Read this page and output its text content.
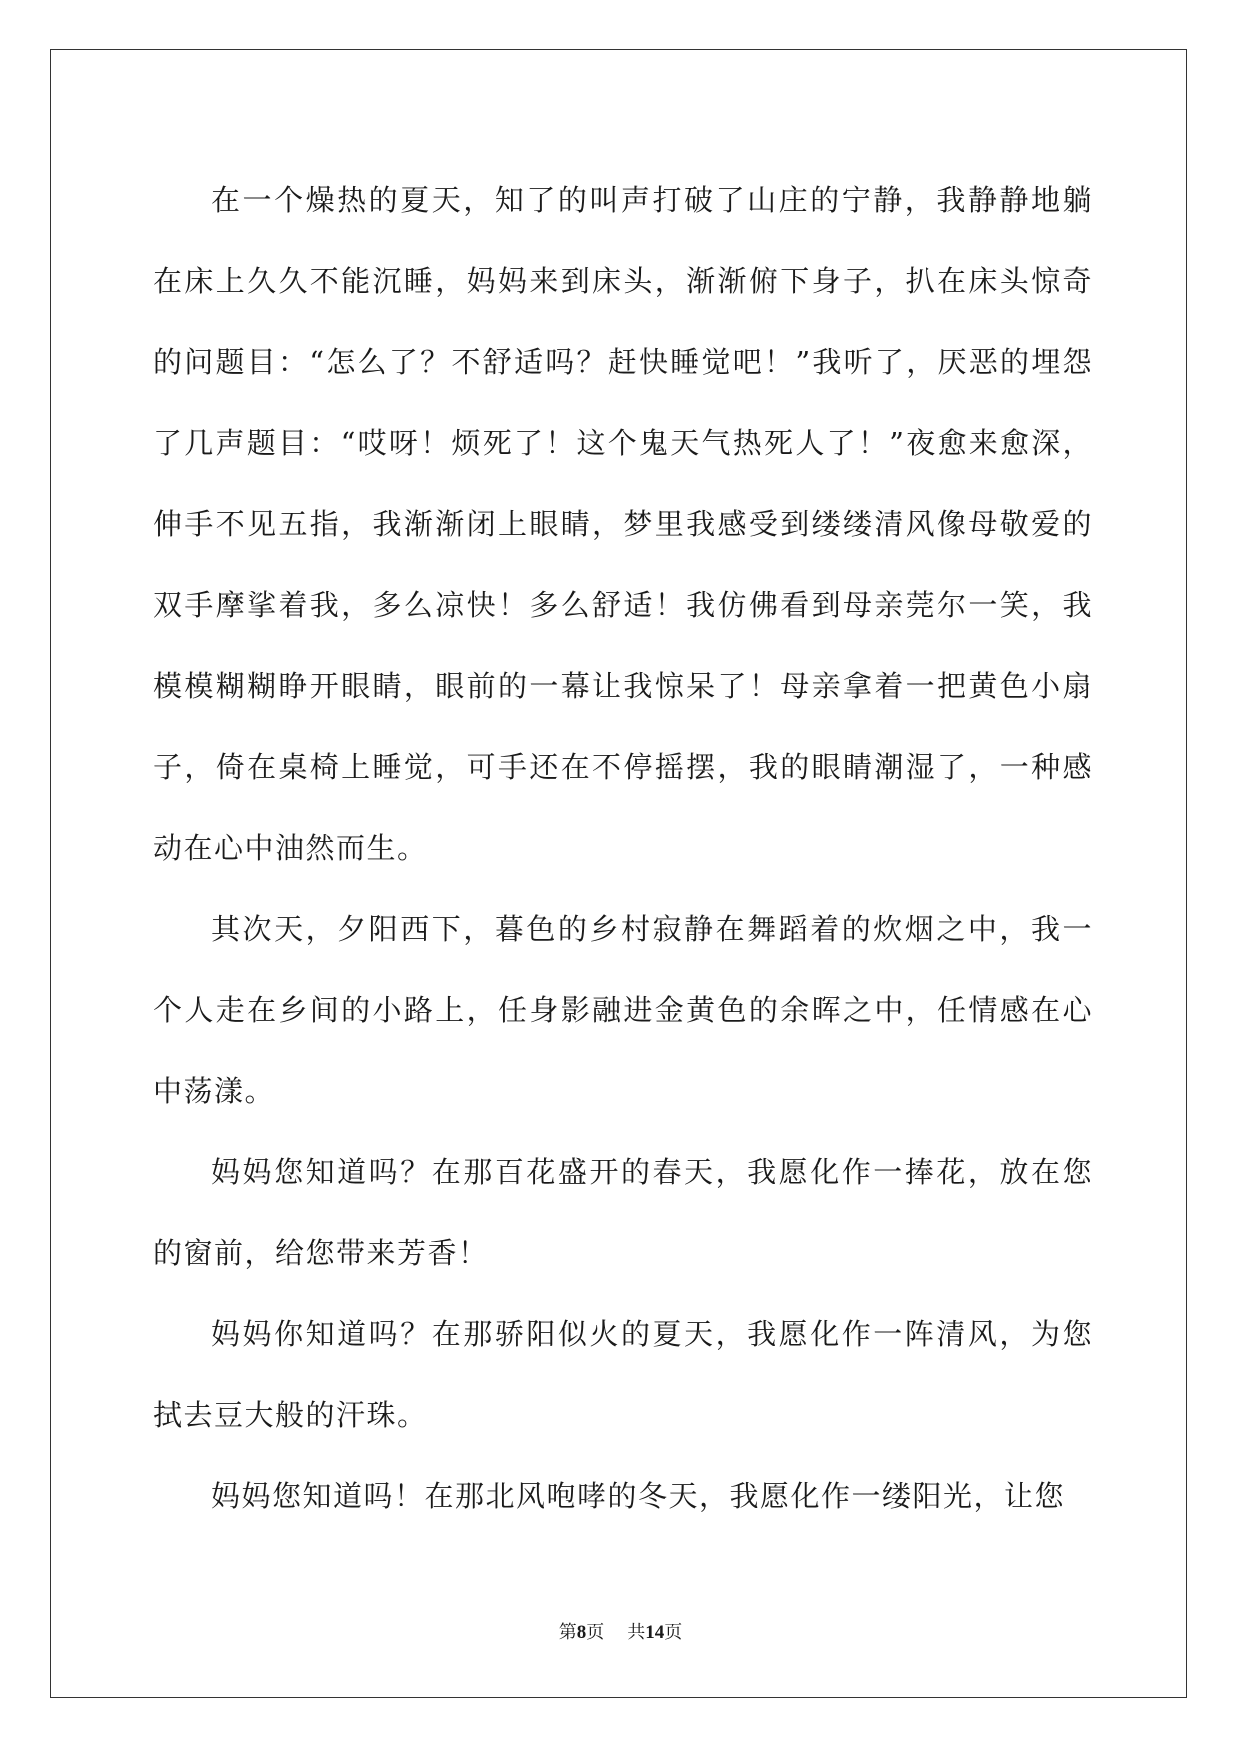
在一个燥热的夏天，知了的叫声打破了山庄的宁静，我静静地躺在床上久久不能沉睡，妈妈来到床头，渐渐俯下身子，扒在床头惊奇的问题目：“怎么了？不舒适吗？赶快睡觉吧！”我听了，厌恶的埋怨了几声题目：“哎呀！烦死了！这个鬼天气热死人了！”夜愈来愈深，伸手不见五指，我渐渐闭上眼睛，梦里我感受到缕缕清风像母敬爱的双手摩挲着我，多么凉快！多么舒适！我仿佛看到母亲莞尔一笑，我模模糊糊睁开眼睛，眼前的一幕让我惊呆了！母亲拿着一把黄色小扇子，倚在桌椅上睡觉，可手还在不停摇摆，我的眼睛潮湿了，一种感动在心中油然而生。

其次天，夕阳西下，暮色的乡村寂静在舞蹈着的炊烟之中，我一个人走在乡间的小路上，任身影融进金黄色的余晖之中，任情感在心中荡漾。

妈妈您知道吗？在那百花盛开的春天，我愿化作一捧花，放在您的窗前，给您带来芳香！

妈妈你知道吗？在那骄阳似火的夏天，我愿化作一阵清风，为您拭去豆大般的汗珠。

妈妈您知道吗！在那北风咆哮的冬天，我愿化作一缕阳光，让您

第8页 共14页
